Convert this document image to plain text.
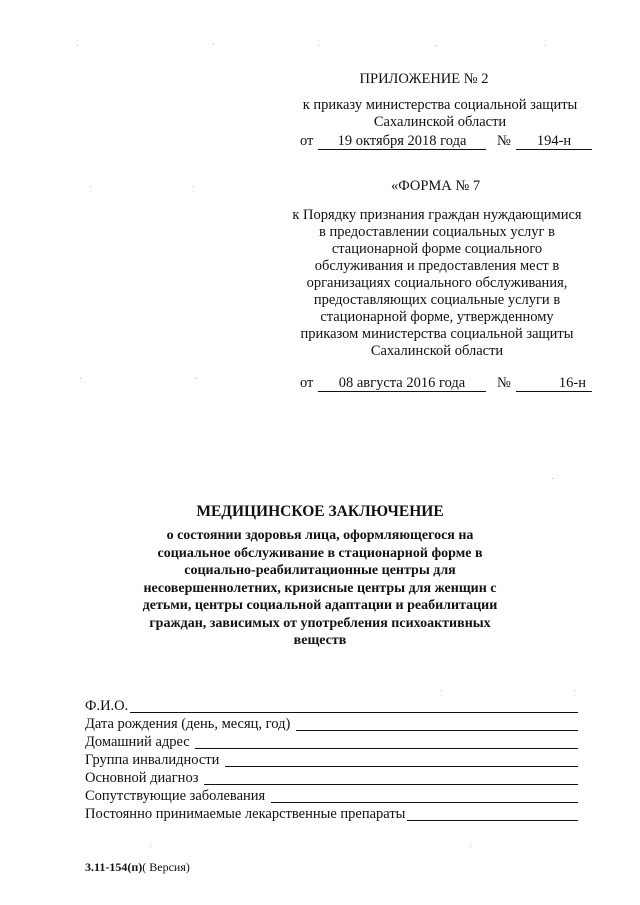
ПРИЛОЖЕНИЕ № 2
к приказу министерства социальной защиты
Сахалинской области
от	19 октября 2018 года	№	194-н
«ФОРМА № 7
к Порядку признания граждан нуждающимися
в предоставлении социальных услуг в
стационарной форме социального
обслуживания и предоставления мест в
организациях социального обслуживания,
предоставляющих социальные услуги в
стационарной форме, утвержденному
приказом министерства социальной защиты
Сахалинской области
от	08 августа 2016 года	№	16-н
МЕДИЦИНСКОЕ ЗАКЛЮЧЕНИЕ
о состоянии здоровья лица, оформляющегося на
социальное обслуживание в стационарной форме в
социально-реабилитационные центры для
несовершеннолетних, кризисные центры для женщин с
детьми, центры социальной адаптации и реабилитации
граждан, зависимых от употребления психоактивных
веществ
Ф.И.О.
Дата рождения (день, месяц, год)
Домашний адрес
Группа инвалидности
Основной диагноз
Сопутствующие заболевания
Постоянно принимаемые лекарственные препараты
3.11-154(п)( Версия)
